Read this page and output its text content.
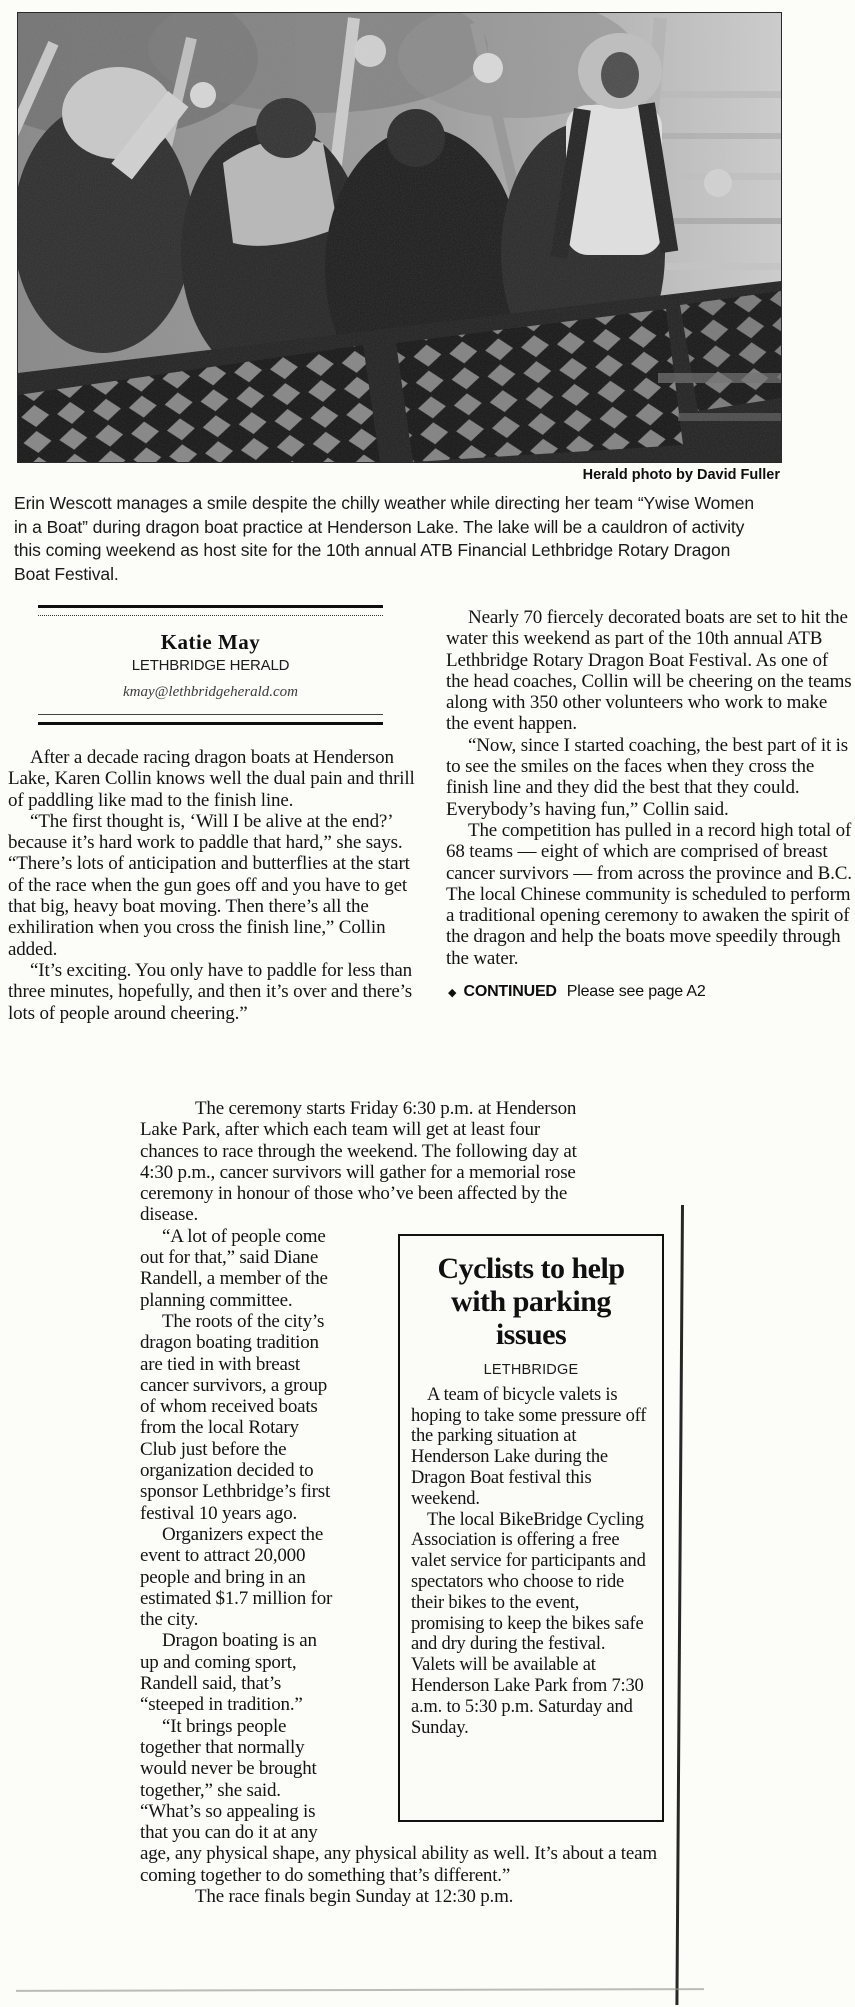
Herald photo by David Fuller
Erin Wescott manages a smile despite the chilly weather while directing her team “Ywise Women in a Boat” during dragon boat practice at Henderson Lake. The lake will be a cauldron of activity this coming weekend as host site for the 10th annual ATB Financial Lethbridge Rotary Dragon Boat Festival.
Katie May
LETHBRIDGE HERALD
kmay@lethbridgeherald.com

After a decade racing dragon boats at Henderson Lake, Karen Collin knows well the dual pain and thrill of paddling like mad to the finish line.

“The first thought is, ‘Will I be alive at the end?’ because it’s hard work to paddle that hard,” she says. “There’s lots of anticipation and butterflies at the start of the race when the gun goes off and you have to get that big, heavy boat moving. Then there’s all the exhiliration when you cross the finish line,” Collin added.

“It’s exciting. You only have to paddle for less than three minutes, hopefully, and then it’s over and there’s lots of people around cheering.”

Nearly 70 fiercely decorated boats are set to hit the water this weekend as part of the 10th annual ATB Lethbridge Rotary Dragon Boat Festival. As one of the head coaches, Collin will be cheering on the teams along with 350 other volunteers who work to make the event happen.

“Now, since I started coaching, the best part of it is to see the smiles on the faces when they cross the finish line and they did the best that they could. Everybody’s having fun,” Collin said.

The competition has pulled in a record high total of 68 teams — eight of which are comprised of breast cancer survivors — from across the province and B.C. The local Chinese community is scheduled to perform a traditional opening ceremony to awaken the spirit of the dragon and help the boats move speedily through the water.

◆ CONTINUED Please see page A2

The ceremony starts Friday 6:30 p.m. at Henderson Lake Park, after which each team will get at least four chances to race through the weekend. The following day at 4:30 p.m., cancer survivors will gather for a memorial rose ceremony in honour of those who’ve been affected by the disease.

Cyclists to help with parking issues
LETHBRIDGE

A team of bicycle valets is hoping to take some pressure off the parking situation at Henderson Lake during the Dragon Boat festival this weekend.

The local BikeBridge Cycling Association is offering a free valet service for participants and spectators who choose to ride their bikes to the event, promising to keep the bikes safe and dry during the festival. Valets will be available at Henderson Lake Park from 7:30 a.m. to 5:30 p.m. Saturday and Sunday.

“A lot of people come out for that,” said Diane Randell, a member of the planning committee.

The roots of the city’s dragon boating tradition are tied in with breast cancer survivors, a group of whom received boats from the local Rotary Club just before the organization decided to sponsor Lethbridge’s first festival 10 years ago.

Organizers expect the event to attract 20,000 people and bring in an estimated $1.7 million for the city.

Dragon boating is an up and coming sport, Randell said, that’s “steeped in tradition.”

“It brings people together that normally would never be brought together,” she said. “What’s so appealing is that you can do it at any age, any physical shape, any physical ability as well. It’s about a team coming together to do something that’s different.”

The race finals begin Sunday at 12:30 p.m.
